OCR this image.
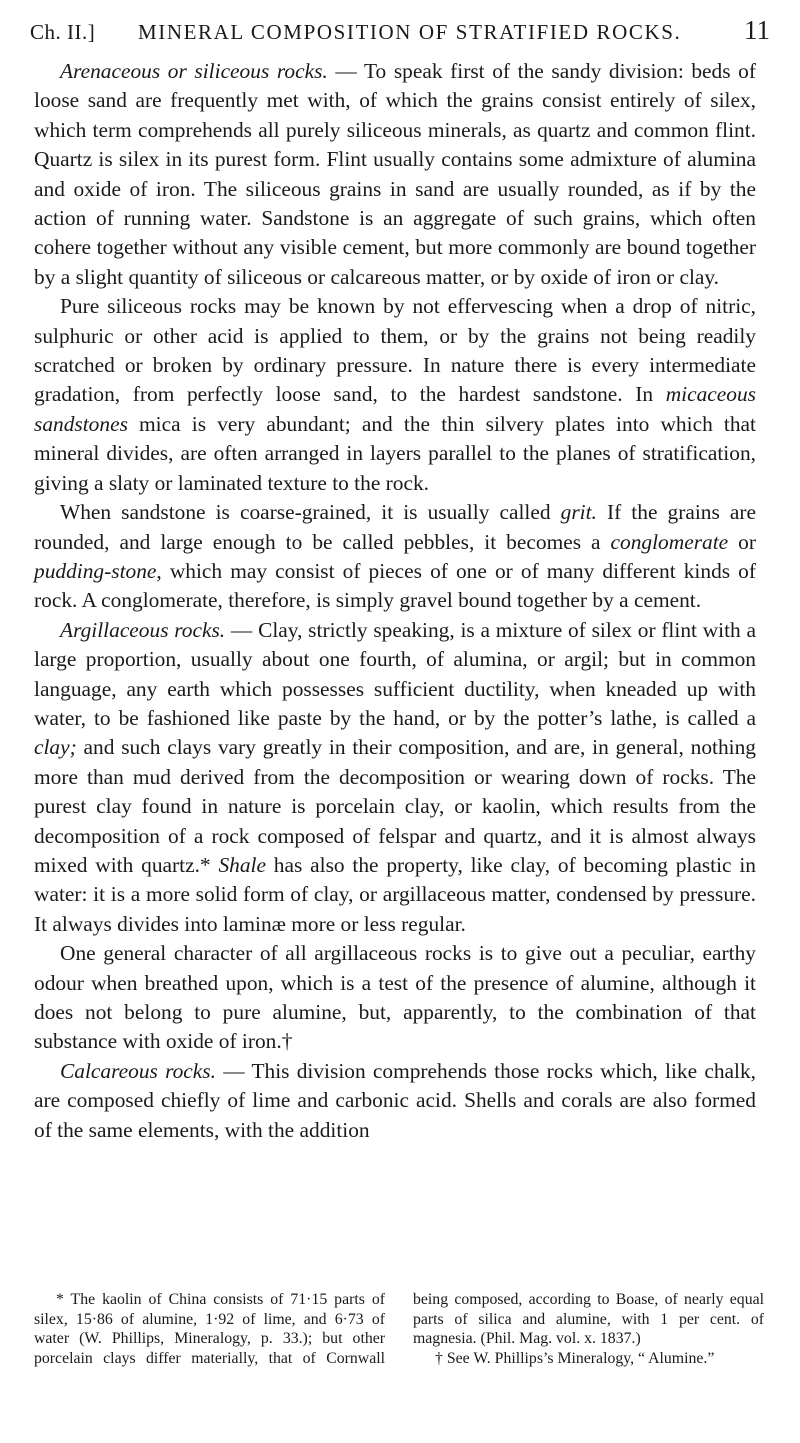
Ch. II.] MINERAL COMPOSITION OF STRATIFIED ROCKS. 11

Arenaceous or siliceous rocks. — To speak first of the sandy division: beds of loose sand are frequently met with, of which the grains consist entirely of silex, which term comprehends all purely siliceous minerals, as quartz and common flint. Quartz is silex in its purest form. Flint usually contains some admixture of alumina and oxide of iron. The siliceous grains in sand are usually rounded, as if by the action of running water. Sandstone is an aggregate of such grains, which often cohere together without any visible cement, but more commonly are bound together by a slight quantity of siliceous or calcareous matter, or by oxide of iron or clay.

Pure siliceous rocks may be known by not effervescing when a drop of nitric, sulphuric or other acid is applied to them, or by the grains not being readily scratched or broken by ordinary pressure. In nature there is every intermediate gradation, from perfectly loose sand, to the hardest sandstone. In micaceous sandstones mica is very abundant; and the thin silvery plates into which that mineral divides, are often arranged in layers parallel to the planes of stratification, giving a slaty or laminated texture to the rock.

When sandstone is coarse-grained, it is usually called grit. If the grains are rounded, and large enough to be called pebbles, it becomes a conglomerate or pudding-stone, which may consist of pieces of one or of many different kinds of rock. A conglomerate, therefore, is simply gravel bound together by a cement.

Argillaceous rocks. — Clay, strictly speaking, is a mixture of silex or flint with a large proportion, usually about one fourth, of alumina, or argil; but in common language, any earth which possesses sufficient ductility, when kneaded up with water, to be fashioned like paste by the hand, or by the potter’s lathe, is called a clay; and such clays vary greatly in their composition, and are, in general, nothing more than mud derived from the decomposition or wearing down of rocks. The purest clay found in nature is porcelain clay, or kaolin, which results from the decomposition of a rock composed of felspar and quartz, and it is almost always mixed with quartz.* Shale has also the property, like clay, of becoming plastic in water: it is a more solid form of clay, or argillaceous matter, condensed by pressure. It always divides into laminæ more or less regular.

One general character of all argillaceous rocks is to give out a peculiar, earthy odour when breathed upon, which is a test of the presence of alumine, although it does not belong to pure alumine, but, apparently, to the combination of that substance with oxide of iron.†

Calcareous rocks. — This division comprehends those rocks which, like chalk, are composed chiefly of lime and carbonic acid. Shells and corals are also formed of the same elements, with the addition

* The kaolin of China consists of 71·15 parts of silex, 15·86 of alumine, 1·92 of lime, and 6·73 of water (W. Phillips, Mineralogy, p. 33.); but other porcelain clays differ materially, that of Cornwall being composed, according to Boase, of nearly equal parts of silica and alumine, with 1 per cent. of magnesia. (Phil. Mag. vol. x. 1837.)

† See W. Phillips’s Mineralogy, “ Alumine.”
